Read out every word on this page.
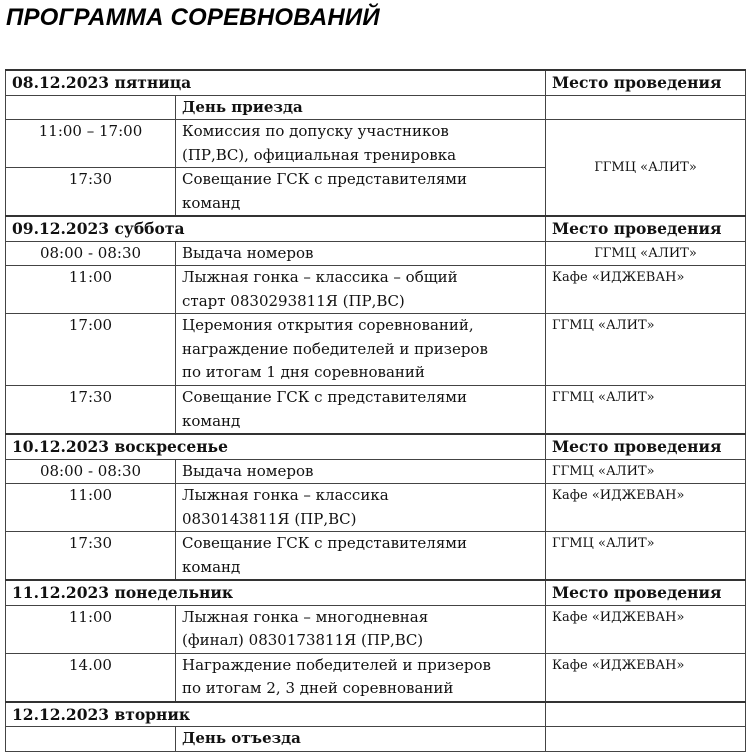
ПРОГРАММА СОРЕВНОВАНИЙ
08.12.2023 пятница		Место проведения
	День приезда	
11:00 – 17:00	Комиссия по допуску участников
(ПР,ВС), официальная тренировка	ГГМЦ «АЛИТ»
17:30	Совещание ГСК с представителями
команд	

09.12.2023 суббота		Место проведения
08:00 - 08:30	Выдача номеров	ГГМЦ «АЛИТ»
11:00	Лыжная гонка – классика – общий
старт 0830293811Я (ПР,ВС)	Кафе «ИДЖЕВАН»
17:00	Церемония открытия соревнований,
награждение победителей и призеров
по итогам 1 дня соревнований	ГГМЦ «АЛИТ»
17:30	Совещание ГСК с представителями
команд	ГГМЦ «АЛИТ»
10.12.2023 воскресенье		Место проведения
08:00 - 08:30	Выдача номеров	ГГМЦ «АЛИТ»
11:00	Лыжная гонка – классика
0830143811Я (ПР,ВС)	Кафе «ИДЖЕВАН»
17:30	Совещание ГСК с представителями
команд	ГГМЦ «АЛИТ»
11.12.2023 понедельник		Место проведения
11:00	Лыжная гонка – многодневная
(финал) 0830173811Я (ПР,ВС)	Кафе «ИДЖЕВАН»
14.00	Награждение победителей и призеров
по итогам 2, 3 дней соревнований	Кафе «ИДЖЕВАН»
12.12.2023 вторник		
	День отъезда	
